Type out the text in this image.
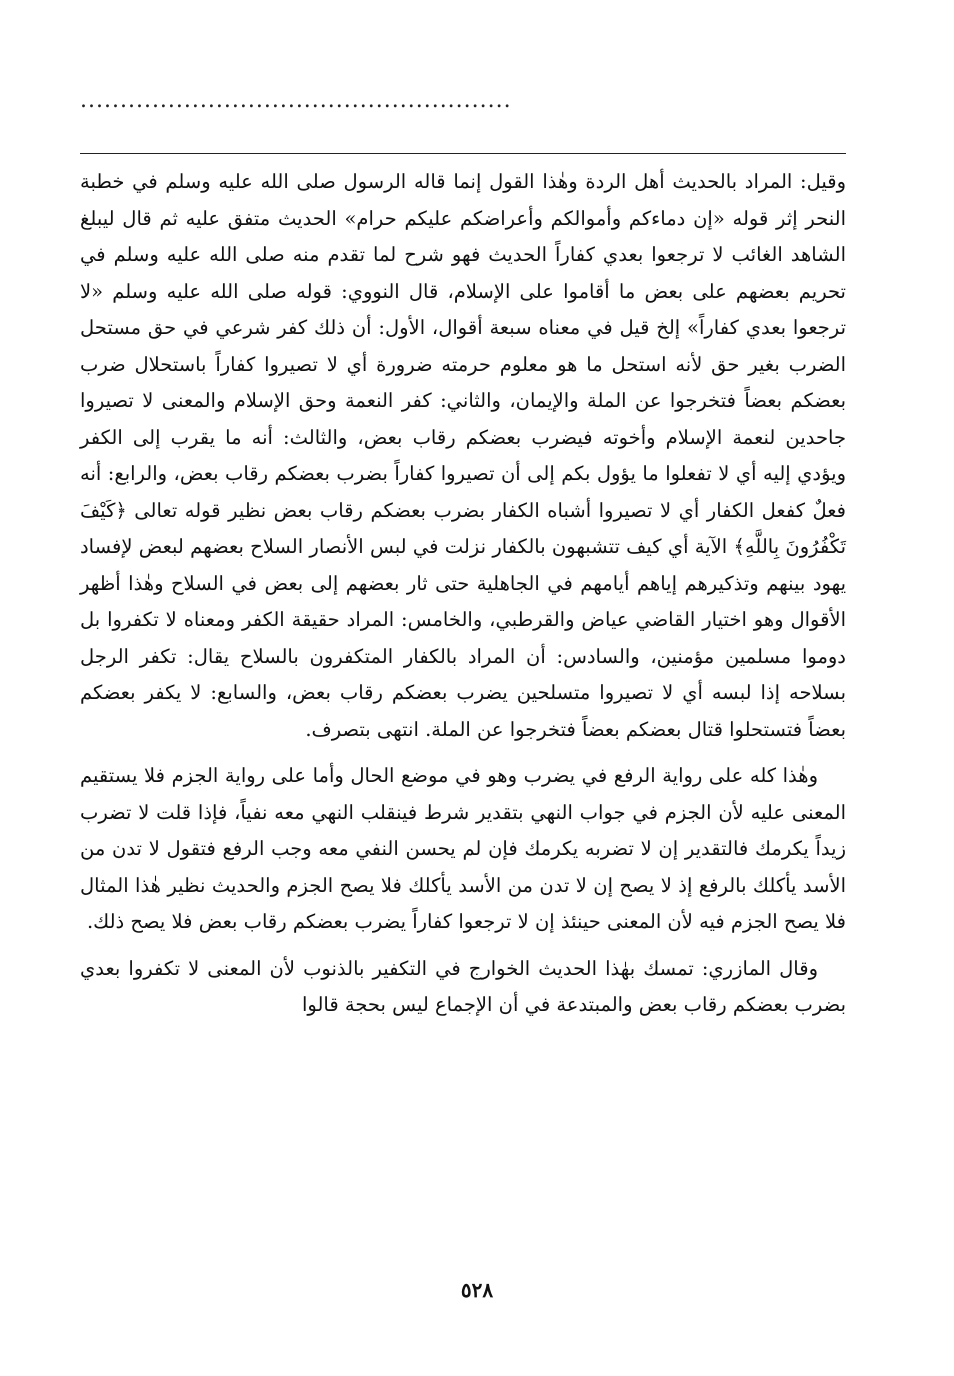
......................................................

وقيل: المراد بالحديث أهل الردة وهٰذا القول إنما قاله الرسول صلى الله عليه وسلم في خطبة النحر إثر قوله «إن دماءكم وأموالكم وأعراضكم عليكم حرام» الحديث متفق عليه ثم قال ليبلغ الشاهد الغائب لا ترجعوا بعدي كفاراً الحديث فهو شرح لما تقدم منه صلى الله عليه وسلم في تحريم بعضهم على بعض ما أقاموا على الإسلام، قال النووي: قوله صلى الله عليه وسلم «لا ترجعوا بعدي كفاراً» إلخ قيل في معناه سبعة أقوال، الأول: أن ذلك كفر شرعي في حق مستحل الضرب بغير حق لأنه استحل ما هو معلوم حرمته ضرورة أي لا تصيروا كفاراً باستحلال ضرب بعضكم بعضاً فتخرجوا عن الملة والإيمان، والثاني: كفر النعمة وحق الإسلام والمعنى لا تصيروا جاحدين لنعمة الإسلام وأخوته فيضرب بعضكم رقاب بعض، والثالث: أنه ما يقرب إلى الكفر ويؤدي إليه أي لا تفعلوا ما يؤول بكم إلى أن تصيروا كفاراً بضرب بعضكم رقاب بعض، والرابع: أنه فعلٌ كفعل الكفار أي لا تصيروا أشباه الكفار بضرب بعضكم رقاب بعض نظير قوله تعالى ﴿كَيْفَ تَكْفُرُونَ بِاللَّهِ﴾ الآية أي كيف تتشبهون بالكفار نزلت في لبس الأنصار السلاح بعضهم لبعض لإفساد يهود بينهم وتذكيرهم إياهم أيامهم في الجاهلية حتى ثار بعضهم إلى بعض في السلاح وهٰذا أظهر الأقوال وهو اختيار القاضي عياض والقرطبي، والخامس: المراد حقيقة الكفر ومعناه لا تكفروا بل دوموا مسلمين مؤمنين، والسادس: أن المراد بالكفار المتكفرون بالسلاح يقال: تكفر الرجل بسلاحه إذا لبسه أي لا تصيروا متسلحين يضرب بعضكم رقاب بعض، والسابع: لا يكفر بعضكم بعضاً فتستحلوا قتال بعضكم بعضاً فتخرجوا عن الملة. انتهى بتصرف.

وهٰذا كله على رواية الرفع في يضرب وهو في موضع الحال وأما على رواية الجزم فلا يستقيم المعنى عليه لأن الجزم في جواب النهي بتقدير شرط فينقلب النهي معه نفياً، فإذا قلت لا تضرب زيداً يكرمك فالتقدير إن لا تضربه يكرمك فإن لم يحسن النفي معه وجب الرفع فتقول لا تدن من الأسد يأكلك بالرفع إذ لا يصح إن لا تدن من الأسد يأكلك فلا يصح الجزم والحديث نظير هٰذا المثال فلا يصح الجزم فيه لأن المعنى حينئذ إن لا ترجعوا كفاراً يضرب بعضكم رقاب بعض فلا يصح ذلك.

وقال المازري: تمسك بهٰذا الحديث الخوارج في التكفير بالذنوب لأن المعنى لا تكفروا بعدي بضرب بعضكم رقاب بعض والمبتدعة في أن الإجماع ليس بحجة قالوا

٥٢٨
